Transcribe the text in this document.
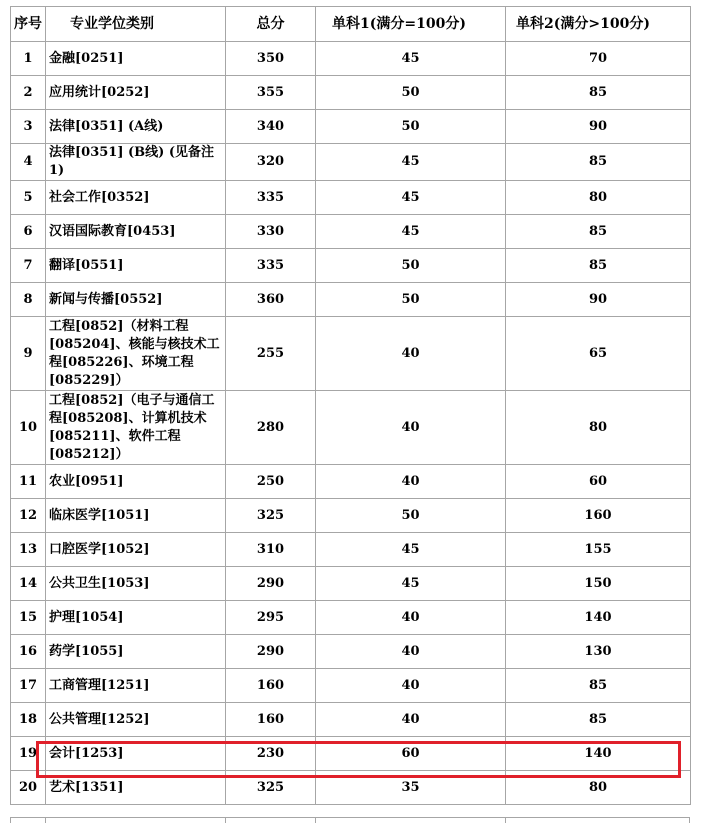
序号	专业学位类别	总分	单科1(满分=100分)	单科2(满分>100分)
1	金融[0251]	350	45	70
2	应用统计[0252]	355	50	85
3	法律[0351] (A线)	340	50	90
4	法律[0351] (B线) (见备注1)	320	45	85
5	社会工作[0352]	335	45	80
6	汉语国际教育[0453]	330	45	85
7	翻译[0551]	335	50	85
8	新闻与传播[0552]	360	50	90
9	工程[0852]（材料工程[085204]、核能与核技术工程[085226]、环境工程[085229]）	255	40	65
10	工程[0852]（电子与通信工程[085208]、计算机技术[085211]、软件工程[085212]）	280	40	80
11	农业[0951]	250	40	60
12	临床医学[1051]	325	50	160
13	口腔医学[1052]	310	45	155
14	公共卫生[1053]	290	45	150
15	护理[1054]	295	40	140
16	药学[1055]	290	40	130
17	工商管理[1251]	160	40	85
18	公共管理[1252]	160	40	85
19	会计[1253]	230	60	140
20	艺术[1351]	325	35	80
